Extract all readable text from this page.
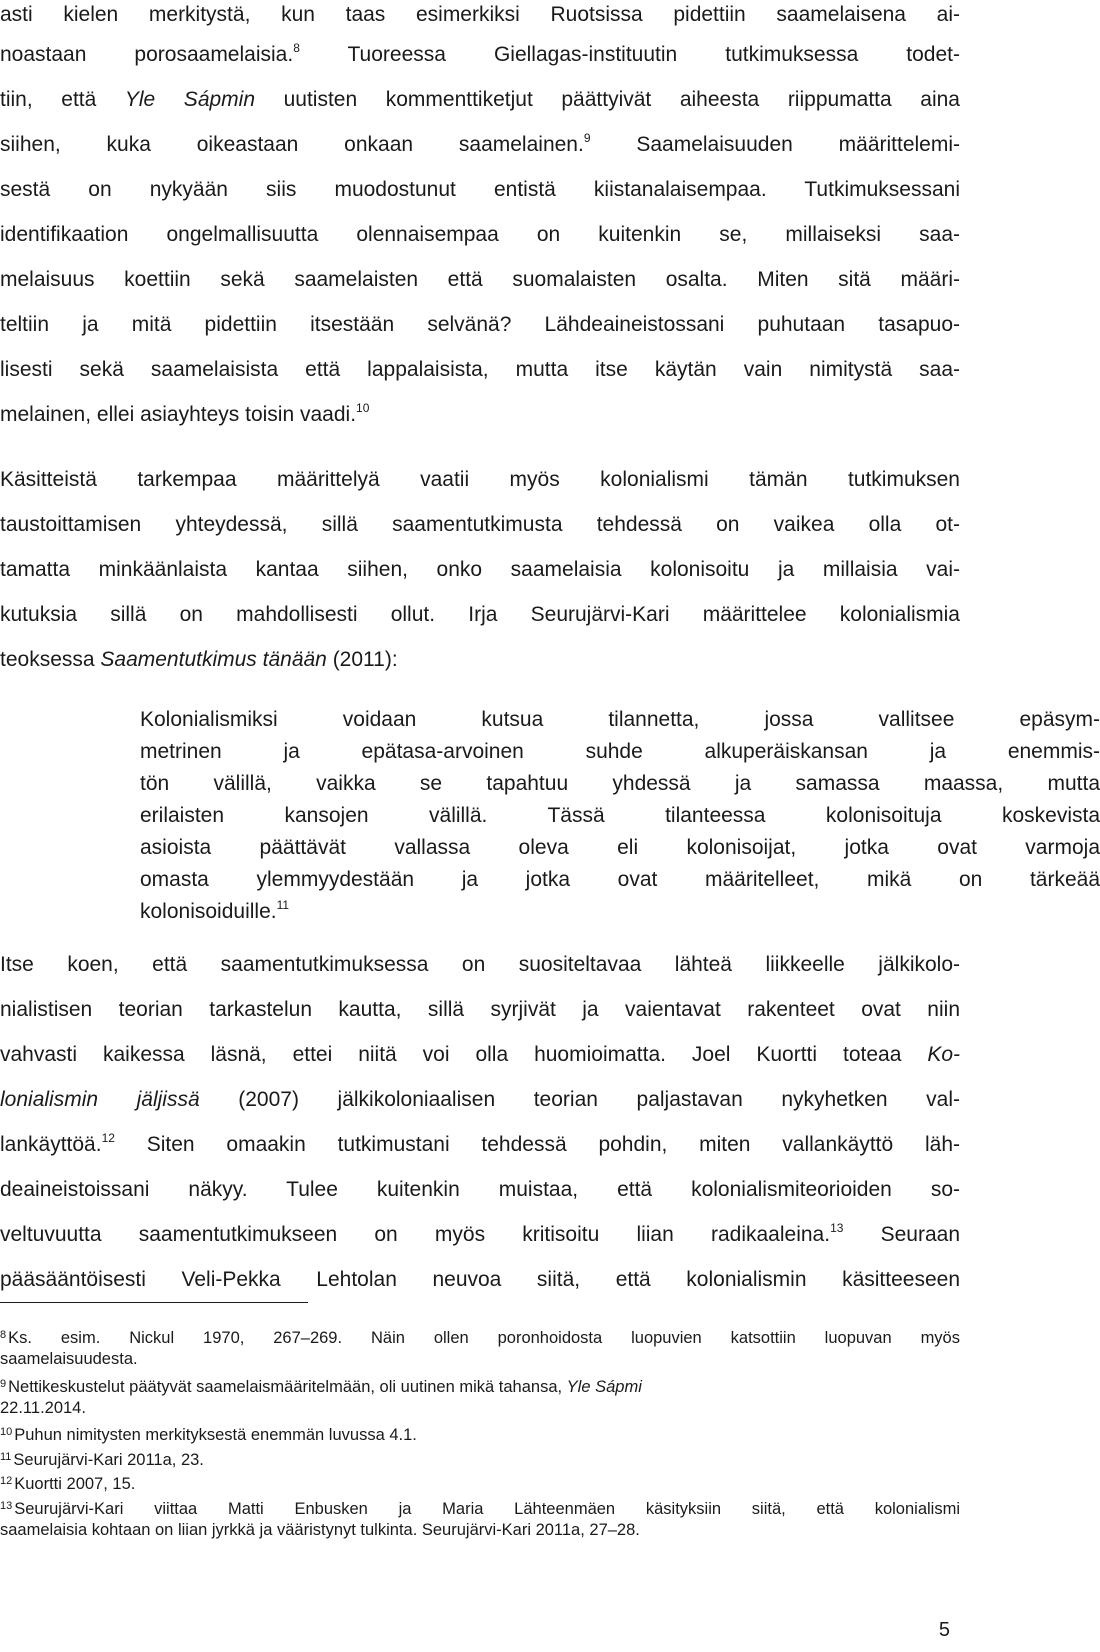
asti kielen merkitystä, kun taas esimerkiksi Ruotsissa pidettiin saamelaisena ai-

noastaan porosaamelaisia.$^8$ Tuoreessa Giellagas-instituutin tutkimuksessa todet-

tiin, että Yle Sápmin uutisten kommenttiketjut päättyivät aiheesta riippumatta aina

siihen, kuka oikeastaan onkaan saamelainen.$^9$ Saamelaisuuden määrittelemi-

sestä on nykyään siis muodostunut entistä kiistanalaisempaa. Tutkimuksessani

identifikaation ongelmallisuutta olennaisempaa on kuitenkin se, millaiseksi saa-

melaisuus koettiin sekä saamelaisten että suomalaisten osalta. Miten sitä määri-

teltiin ja mitä pidettiin itsestään selvänä? Lähdeaineistossani puhutaan tasapuo-

lisesti sekä saamelaisista että lappalaisista, mutta itse käytän vain nimitystä saa-

melainen, ellei asiayhteys toisin vaadi.$^{10}$

Käsitteistä tarkempaa määrittelyä vaatii myös kolonialismi tämän tutkimuksen

taustoittamisen yhteydessä, sillä saamentutkimusta tehdessä on vaikea olla ot-

tamatta minkäänlaista kantaa siihen, onko saamelaisia kolonisoitu ja millaisia vai-

kutuksia sillä on mahdollisesti ollut. Irja Seurujärvi-Kari määrittelee kolonialismia

teoksessa Saamentutkimus tänään (2011):

Kolonialismiksi voidaan kutsua tilannetta, jossa vallitsee epäsym-

metrinen ja epätasa-arvoinen suhde alkuperäiskansan ja enemmis-

tön välillä, vaikka se tapahtuu yhdessä ja samassa maassa, mutta

erilaisten kansojen välillä. Tässä tilanteessa kolonisoituja koskevista

asioista päättävät vallassa oleva eli kolonisoijat, jotka ovat varmoja

omasta ylemmyydestään ja jotka ovat määritelleet, mikä on tärkeää

kolonisoiduille.$^{11}$

Itse koen, että saamentutkimuksessa on suositeltavaa lähteä liikkeelle jälkikolo-

nialistisen teorian tarkastelun kautta, sillä syrjivät ja vaientavat rakenteet ovat niin

vahvasti kaikessa läsnä, ettei niitä voi olla huomioimatta. Joel Kuortti toteaa Ko-

lonialismin jäljissä (2007) jälkikoloniaalisen teorian paljastavan nykyhetken val-

lankäyttöä.$^{12}$ Siten omaakin tutkimustani tehdessä pohdin, miten vallankäyttö läh-

deaineistoissani näkyy. Tulee kuitenkin muistaa, että kolonialismiteorioiden so-

veltuvuutta saamentutkimukseen on myös kritisoitu liian radikaaleina.$^{13}$ Seuraan

pääsääntöisesti Veli-Pekka Lehtolan neuvoa siitä, että kolonialismin käsitteeseen

$^8$ Ks. esim. Nickul 1970, 267–269. Näin ollen poronhoidosta luopuvien katsottiin luopuvan myös

saamelaisuudesta.

$^9$ Nettikeskustelut päätyvät saamelaismääritelmään, oli uutinen mikä tahansa, Yle Sápmi

22.11.2014.

$^{10}$ Puhun nimitysten merkityksestä enemmän luvussa 4.1.

$^{11}$ Seurujärvi-Kari 2011a, 23.

$^{12}$ Kuortti 2007, 15.

$^{13}$ Seurujärvi-Kari viittaa Matti Enbusken ja Maria Lähteenmäen käsityksiin siitä, että kolonialismi

saamelaisia kohtaan on liian jyrkkä ja vääristynyt tulkinta. Seurujärvi-Kari 2011a, 27–28.

5
